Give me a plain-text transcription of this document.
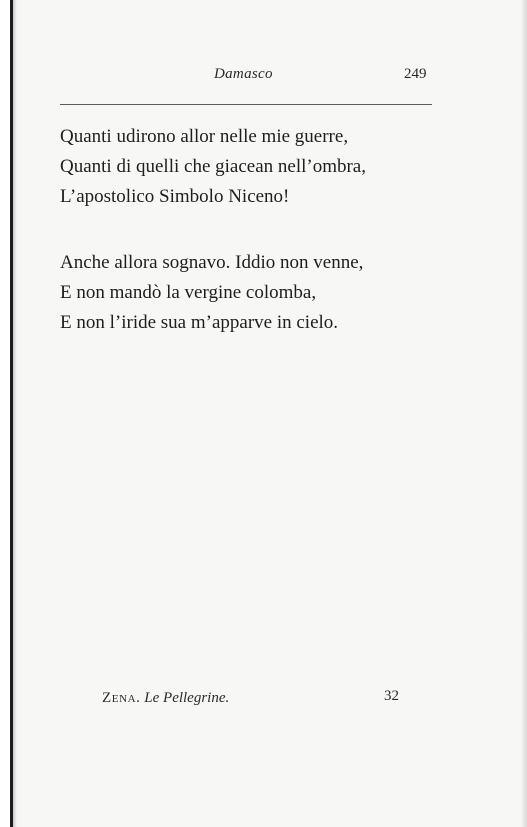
Damasco	249
Quanti udirono allor nelle mie guerre,
Quanti di quelli che giacean nell’ombra,
L’apostolico Simbolo Niceno!
Anche allora sognavo. Iddio non venne,
E non mandò la vergine colomba,
E non l’iride sua m’apparve in cielo.
Zena. Le Pellegrine.	32
